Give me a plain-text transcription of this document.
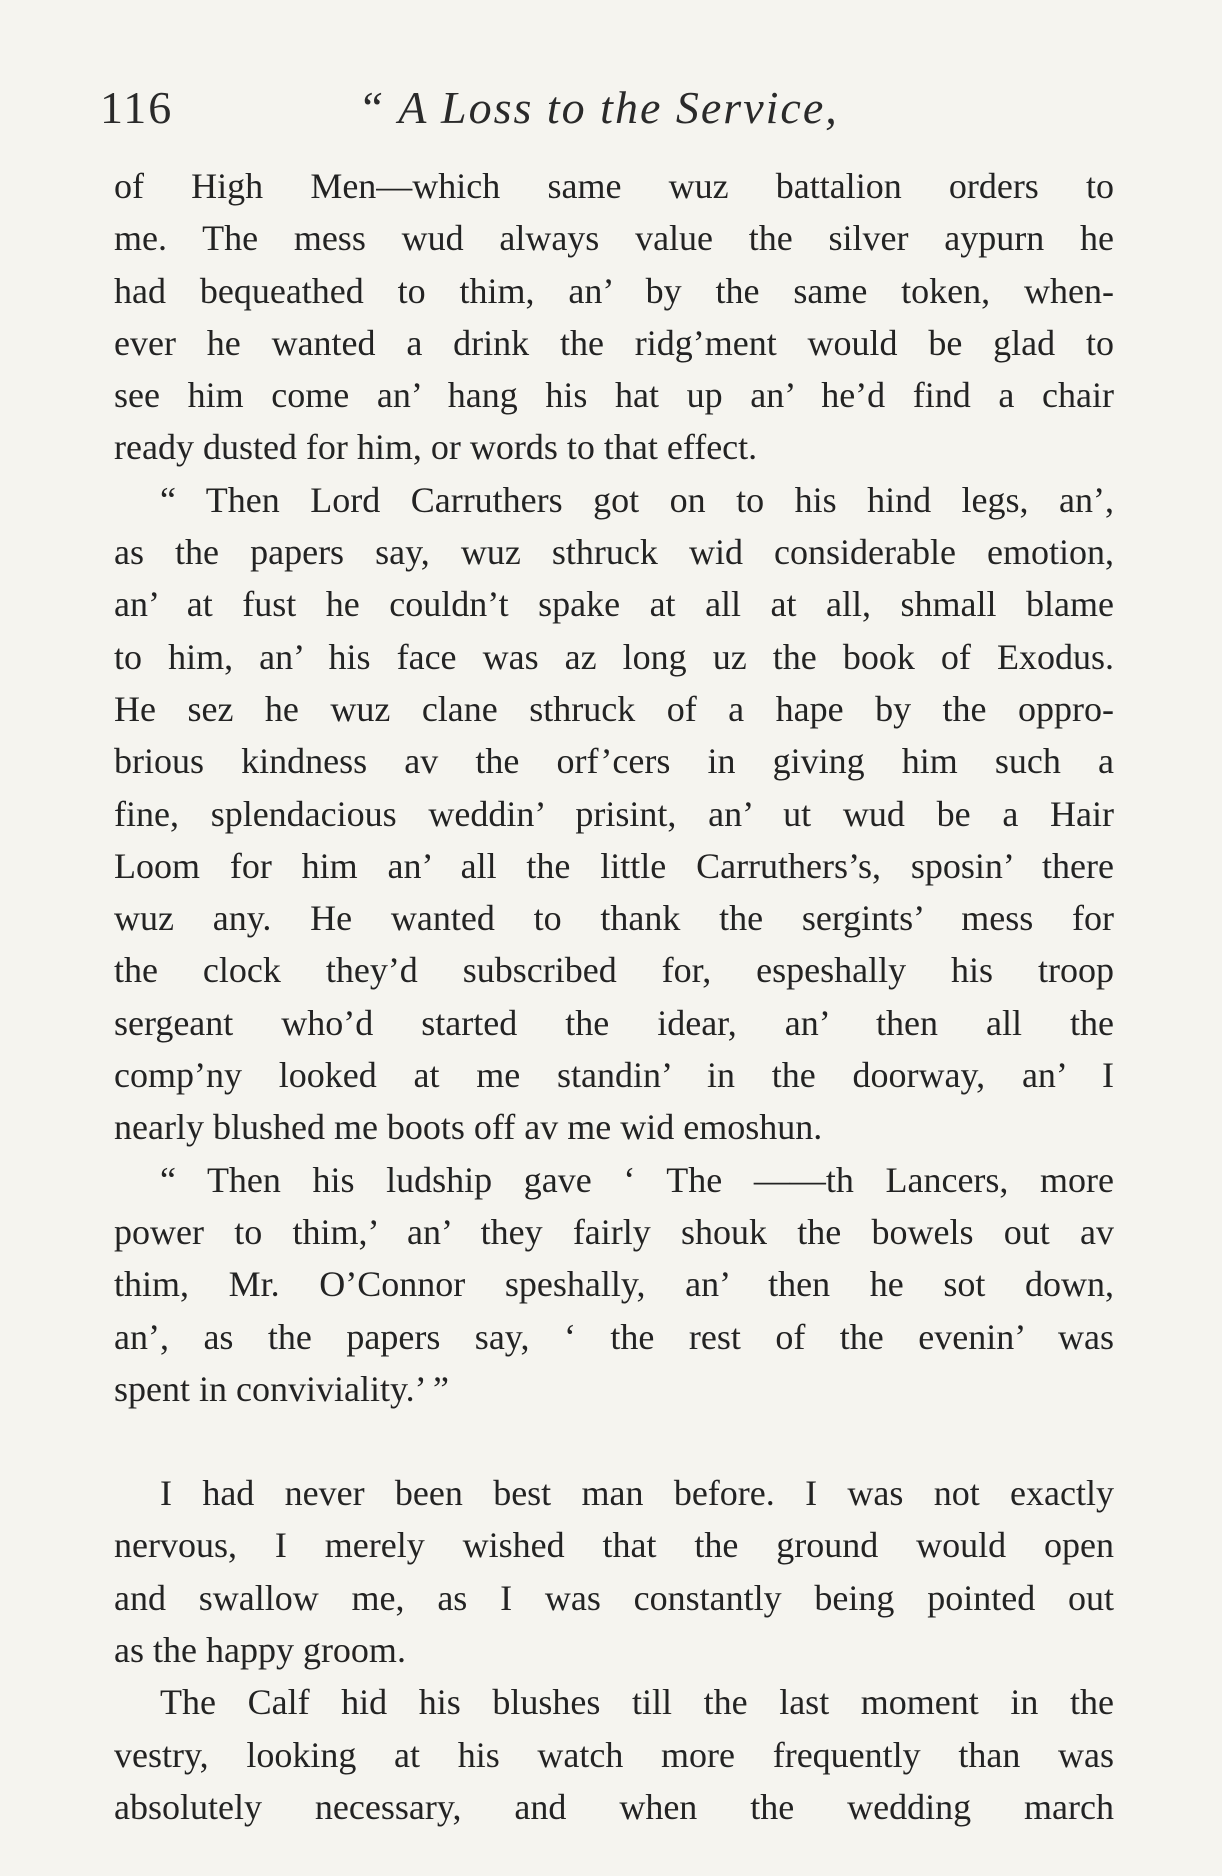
116	“ A Loss to the Service,
of High Men—which same wuz battalion orders to
me. The mess wud always value the silver aypurn he
had bequeathed to thim, an’ by the same token, when-
ever he wanted a drink the ridg’ment would be glad to
see him come an’ hang his hat up an’ he’d find a chair
ready dusted for him, or words to that effect.
“ Then Lord Carruthers got on to his hind legs, an’,
as the papers say, wuz sthruck wid considerable emotion,
an’ at fust he couldn’t spake at all at all, shmall blame
to him, an’ his face was az long uz the book of Exodus.
He sez he wuz clane sthruck of a hape by the oppro-
brious kindness av the orf’cers in giving him such a
fine, splendacious weddin’ prisint, an’ ut wud be a Hair
Loom for him an’ all the little Carruthers’s, sposin’ there
wuz any. He wanted to thank the sergints’ mess for
the clock they’d subscribed for, espeshally his troop
sergeant who’d started the idear, an’ then all the
comp’ny looked at me standin’ in the doorway, an’ I
nearly blushed me boots off av me wid emoshun.
“ Then his ludship gave ‘ The ——th Lancers, more
power to thim,’ an’ they fairly shouk the bowels out av
thim, Mr. O’Connor speshally, an’ then he sot down,
an’, as the papers say, ‘ the rest of the evenin’ was
spent in conviviality.’ ”
I had never been best man before. I was not exactly
nervous, I merely wished that the ground would open
and swallow me, as I was constantly being pointed out
as the happy groom.
The Calf hid his blushes till the last moment in the
vestry, looking at his watch more frequently than was
absolutely necessary, and when the wedding march
